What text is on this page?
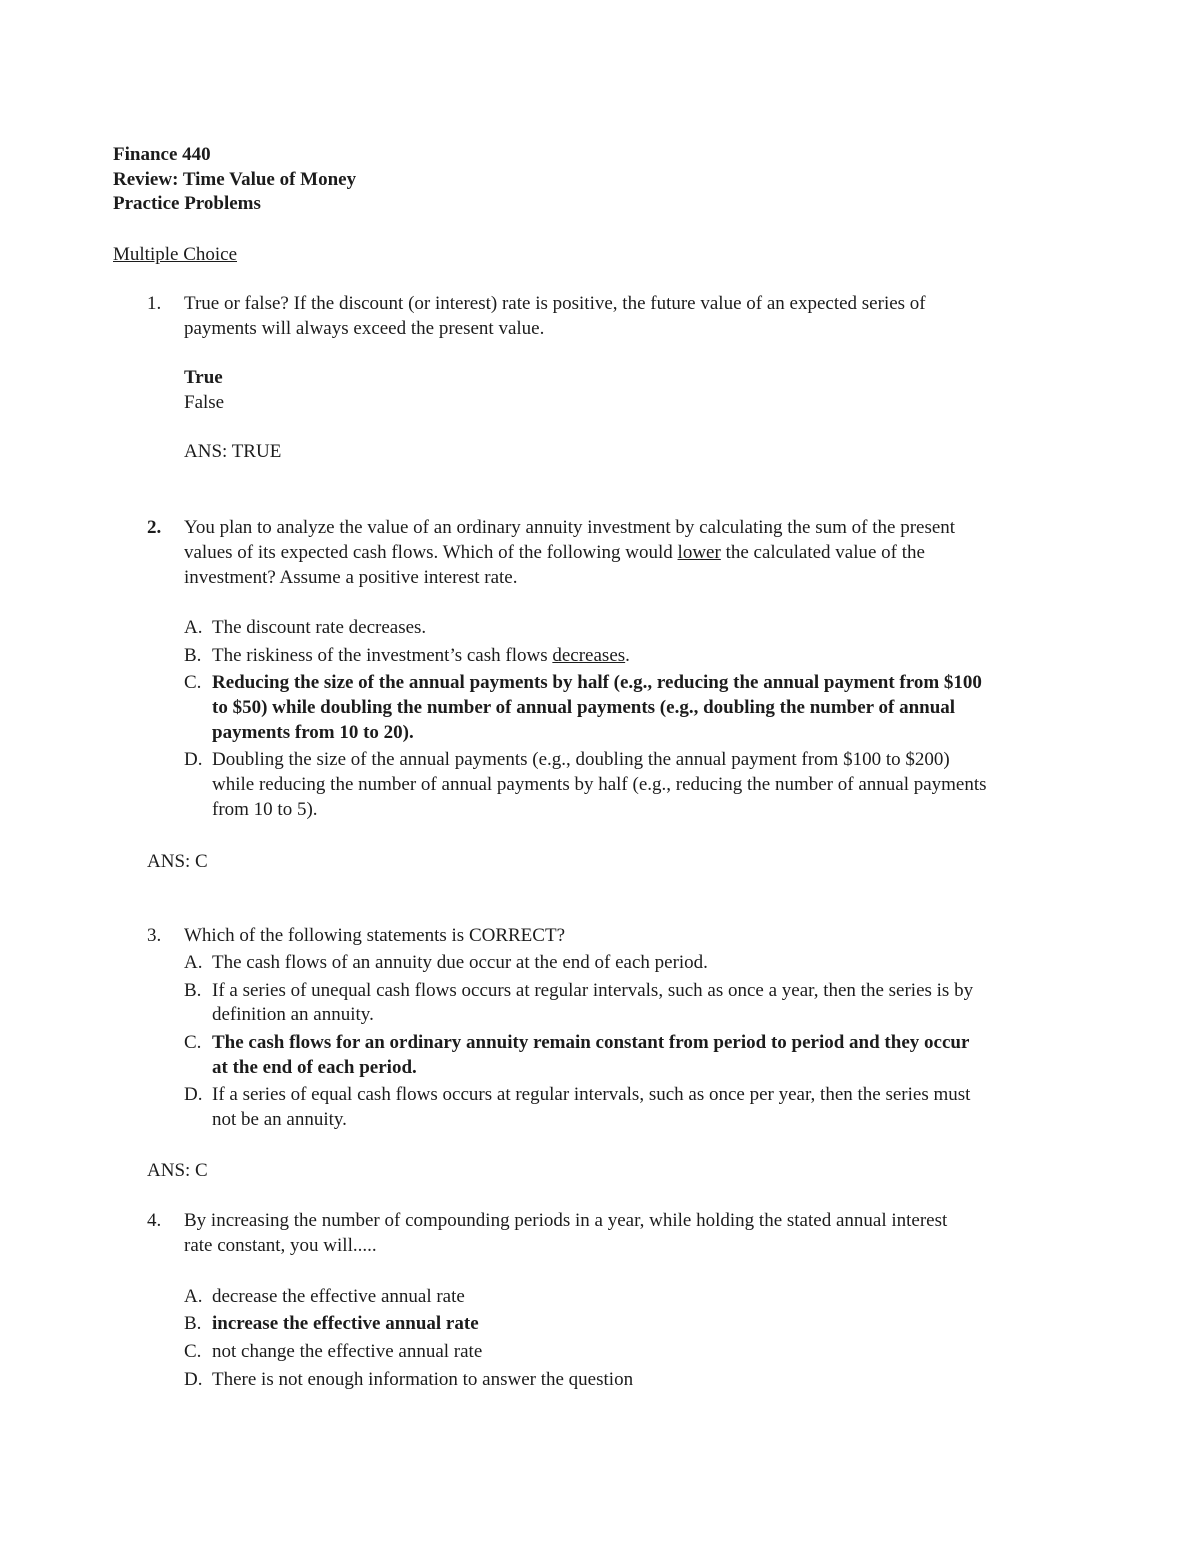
Finance 440
Review: Time Value of Money
Practice Problems
Multiple Choice
1. True or false? If the discount (or interest) rate is positive, the future value of an expected series of
payments will always exceed the present value.
True
False
ANS: TRUE
2. You plan to analyze the value of an ordinary annuity investment by calculating the sum of the present
values of its expected cash flows. Which of the following would lower the calculated value of the
investment? Assume a positive interest rate.
A. The discount rate decreases.
B. The riskiness of the investment’s cash flows decreases.
C. Reducing the size of the annual payments by half (e.g., reducing the annual payment from $100
to $50) while doubling the number of annual payments (e.g., doubling the number of annual
payments from 10 to 20).
D. Doubling the size of the annual payments (e.g., doubling the annual payment from $100 to $200)
while reducing the number of annual payments by half (e.g., reducing the number of annual payments
from 10 to 5).
ANS: C
3. Which of the following statements is CORRECT?
A. The cash flows of an annuity due occur at the end of each period.
B. If a series of unequal cash flows occurs at regular intervals, such as once a year, then the series is by
definition an annuity.
C. The cash flows for an ordinary annuity remain constant from period to period and they occur
at the end of each period.
D. If a series of equal cash flows occurs at regular intervals, such as once per year, then the series must
not be an annuity.
ANS: C
4. By increasing the number of compounding periods in a year, while holding the stated annual interest
rate constant, you will.....
A. decrease the effective annual rate
B. increase the effective annual rate
C. not change the effective annual rate
D. There is not enough information to answer the question
